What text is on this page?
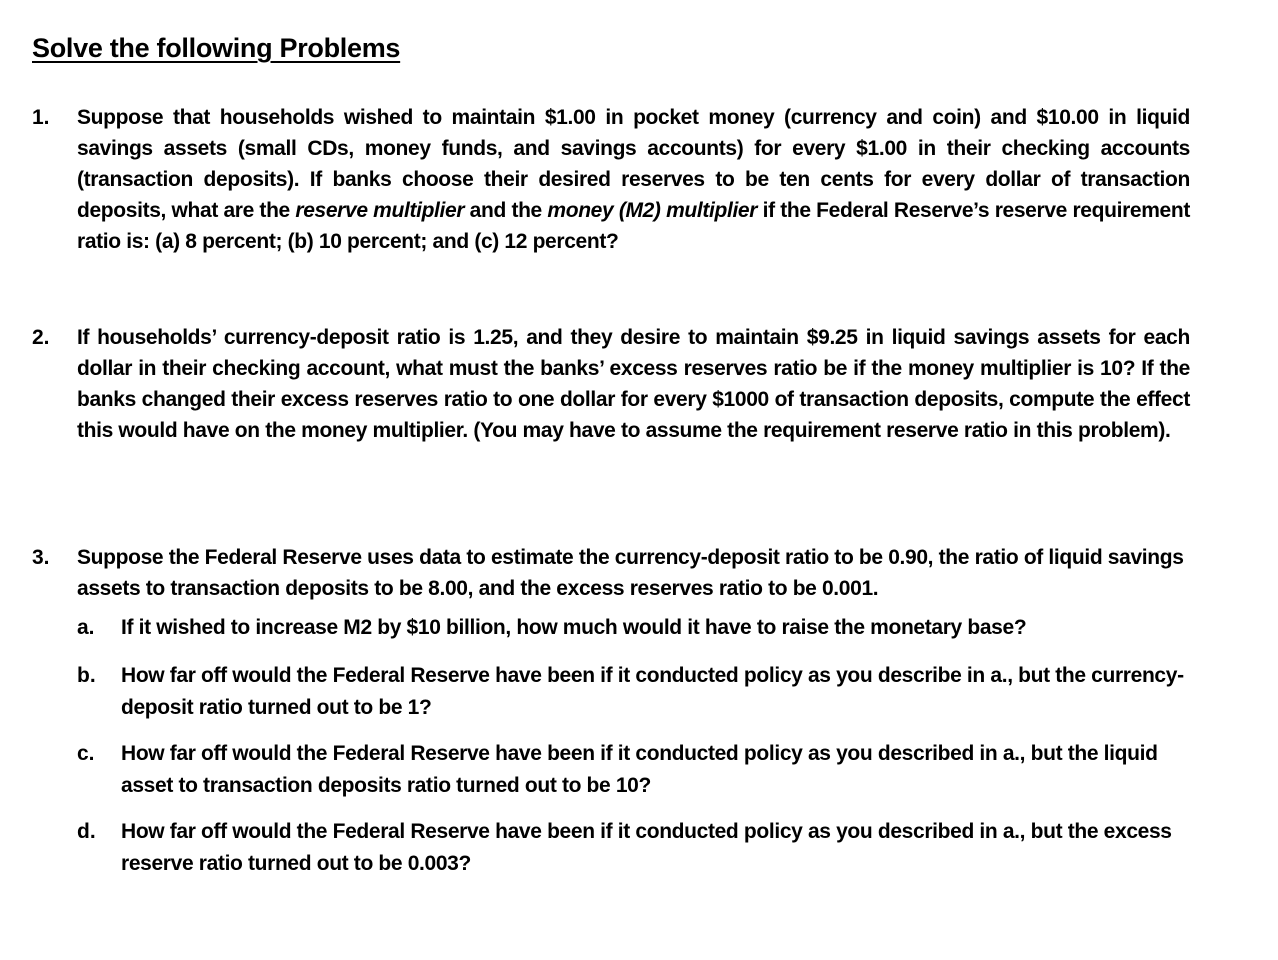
Solve the following Problems
1. Suppose that households wished to maintain $1.00 in pocket money (currency and coin) and $10.00 in liquid savings assets (small CDs, money funds, and savings accounts) for every $1.00 in their checking accounts (transaction deposits). If banks choose their desired reserves to be ten cents for every dollar of transaction deposits, what are the reserve multiplier and the money (M2) multiplier if the Federal Reserve’s reserve requirement ratio is: (a) 8 percent; (b) 10 percent; and (c) 12 percent?
2. If households’ currency-deposit ratio is 1.25, and they desire to maintain $9.25 in liquid savings assets for each dollar in their checking account, what must the banks’ excess reserves ratio be if the money multiplier is 10? If the banks changed their excess reserves ratio to one dollar for every $1000 of transaction deposits, compute the effect this would have on the money multiplier. (You may have to assume the requirement reserve ratio in this problem).
3. Suppose the Federal Reserve uses data to estimate the currency-deposit ratio to be 0.90, the ratio of liquid savings assets to transaction deposits to be 8.00, and the excess reserves ratio to be 0.001.
a. If it wished to increase M2 by $10 billion, how much would it have to raise the monetary base?
b. How far off would the Federal Reserve have been if it conducted policy as you describe in a., but the currency-deposit ratio turned out to be 1?
c. How far off would the Federal Reserve have been if it conducted policy as you described in a., but the liquid asset to transaction deposits ratio turned out to be 10?
d. How far off would the Federal Reserve have been if it conducted policy as you described in a., but the excess reserve ratio turned out to be 0.003?
